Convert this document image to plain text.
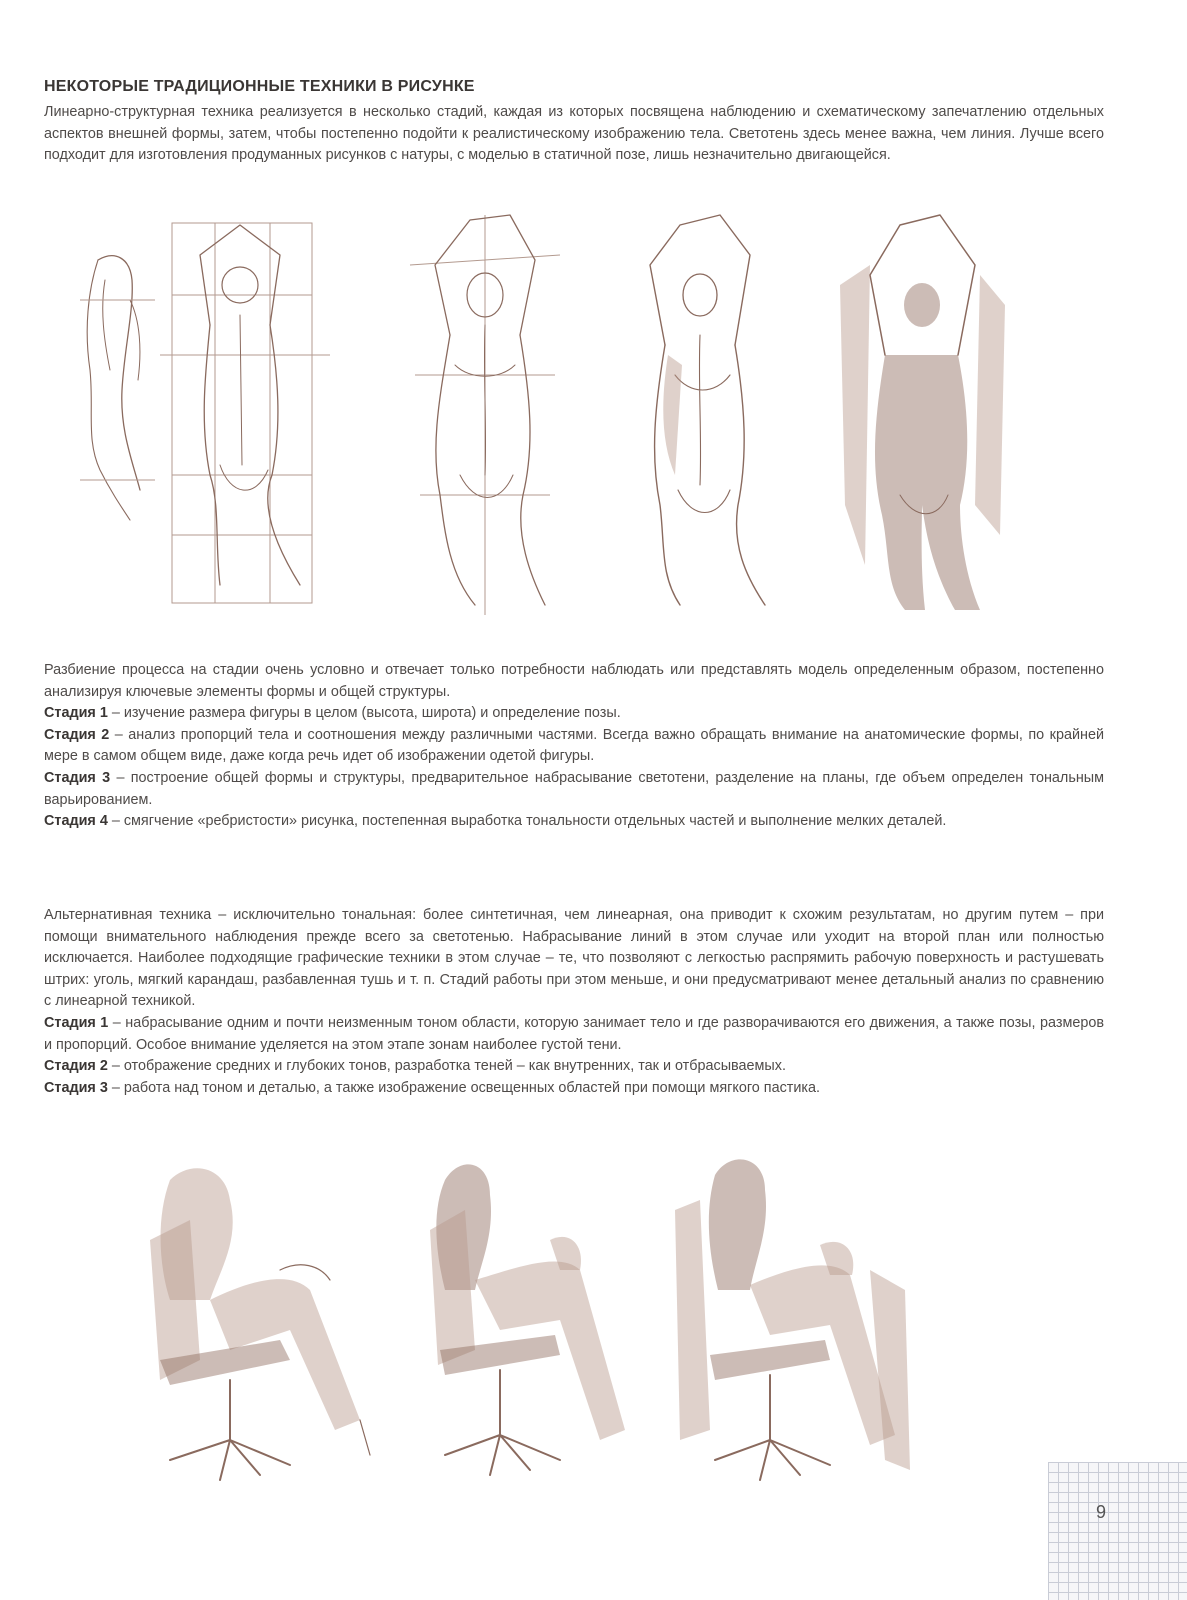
НЕКОТОРЫЕ ТРАДИЦИОННЫЕ ТЕХНИКИ В РИСУНКЕ

Линеарно-структурная техника реализуется в несколько стадий, каждая из которых посвящена наблюдению и схематическому запечатлению отдельных аспектов внешней формы, затем, чтобы постепенно подойти к реалистическому изображению тела. Светотень здесь менее важна, чем линия. Лучше всего подходит для изготовления продуманных рисунков с натуры, с моделью в статичной позе, лишь незначительно двигающейся.

Разбиение процесса на стадии очень условно и отвечает только потребности наблюдать или представлять модель определенным образом, постепенно анализируя ключевые элементы формы и общей структуры.
Стадия 1 – изучение размера фигуры в целом (высота, широта) и определение позы.
Стадия 2 – анализ пропорций тела и соотношения между различными частями. Всегда важно обращать внимание на анатомические формы, по крайней мере в самом общем виде, даже когда речь идет об изображении одетой фигуры.
Стадия 3 – построение общей формы и структуры, предварительное набрасывание светотени, разделение на планы, где объем определен тональным варьированием.
Стадия 4 – смягчение «ребристости» рисунка, постепенная выработка тональности отдельных частей и выполнение мелких деталей.
Альтернативная техника – исключительно тональная: более синтетичная, чем линеарная, она приводит к схожим результатам, но другим путем – при помощи внимательного наблюдения прежде всего за светотенью. Набрасывание линий в этом случае или уходит на второй план или полностью исключается. Наиболее подходящие графические техники в этом случае – те, что позволяют с легкостью распрямить рабочую поверхность и растушевать штрих: уголь, мягкий карандаш, разбавленная тушь и т. п. Стадий работы при этом меньше, и они предусматривают менее детальный анализ по сравнению с линеарной техникой.
Стадия 1 – набрасывание одним и почти неизменным тоном области, которую занимает тело и где разворачиваются его движения, а также позы, размеров и пропорций. Особое внимание уделяется на этом этапе зонам наиболее густой тени.
Стадия 2 – отображение средних и глубоких тонов, разработка теней – как внутренних, так и отбрасываемых.
Стадия 3 – работа над тоном и деталью, а также изображение освещенных областей при помощи мягкого пастика.
9
